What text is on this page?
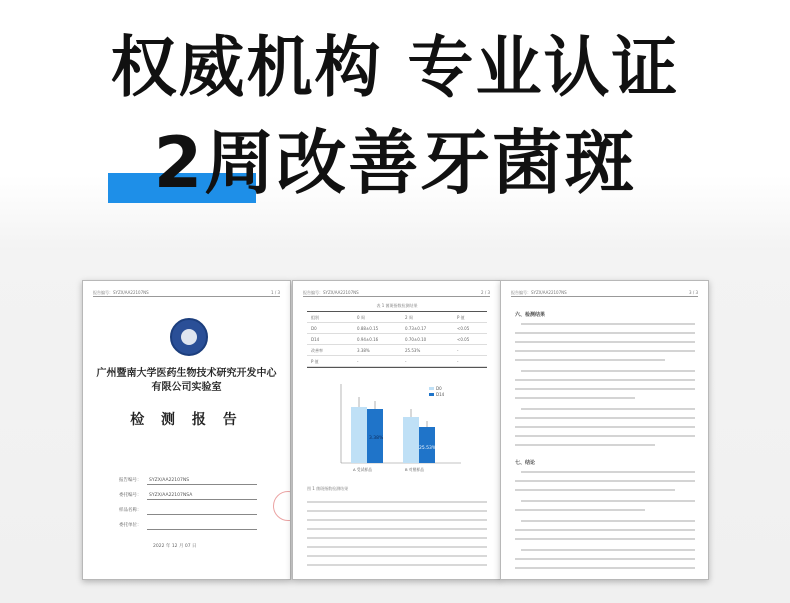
权威机构 专业认证
2周改善牙菌斑
报告编号：SYZX/AA22107NS	1 / 3

广州暨南大学医药生物技术研究开发中心

有限公司实验室

检 测 报 告
报告编号： SYZX/AA22107NS
委托编号： SYZX/AA22107NSA
样品名称：
委托单位：
2022 年 12 月 07 日
报告编号：SYZX/AA22107NS	2 / 3
表 1 菌斑指数检测结果
组别	0 周	2 周	P 值
D0	0.88±0.15	0.73±0.17	<0.05
D14	0.94±0.16	0.70±0.10	<0.05
改善率	3.38%	25.53%	-
P 值	-	-	-
3.38%
25.53%
D0
D14
A 受试样品	B 对照样品
图 1 菌斑指数检测结果
报告编号：SYZX/AA22107NS	3 / 3
六、检测结果
七、结论
